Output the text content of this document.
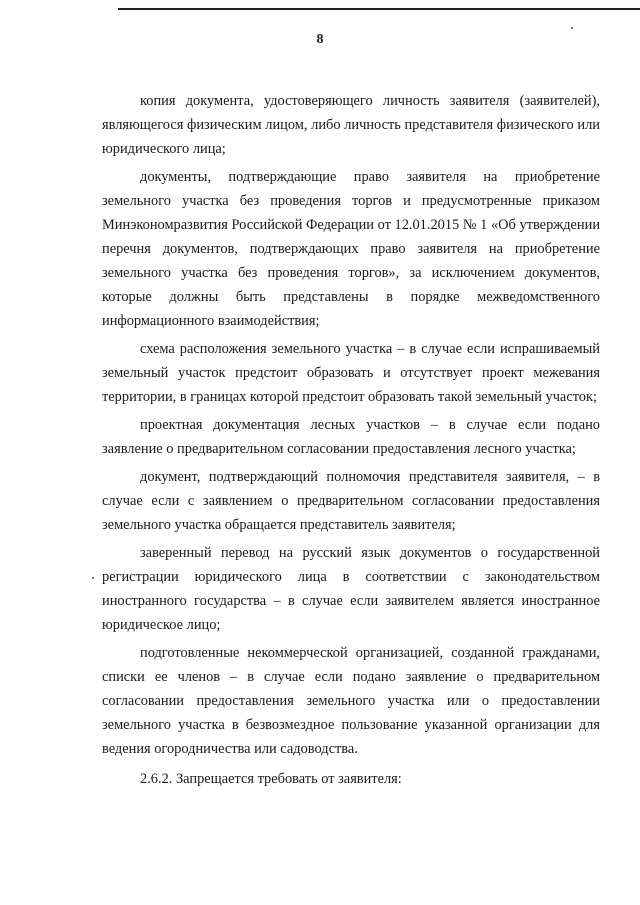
8

копия документа, удостоверяющего личность заявителя (заявителей), являющегося физическим лицом, либо личность представителя физического или юридического лица;

документы, подтверждающие право заявителя на приобретение земельного участка без проведения торгов и предусмотренные приказом Минэкономразвития Российской Федерации от 12.01.2015 № 1 «Об утверждении перечня документов, подтверждающих право заявителя на приобретение земельного участка без проведения торгов», за исключением документов, которые должны быть представлены в порядке межведомственного информационного взаимодействия;

схема расположения земельного участка – в случае если испрашиваемый земельный участок предстоит образовать и отсутствует проект межевания территории, в границах которой предстоит образовать такой земельный участок;

проектная документация лесных участков – в случае если подано заявление о предварительном согласовании предоставления лесного участка;

документ, подтверждающий полномочия представителя заявителя, – в случае если с заявлением о предварительном согласовании предоставления земельного участка обращается представитель заявителя;

заверенный перевод на русский язык документов о государственной регистрации юридического лица в соответствии с законодательством иностранного государства – в случае если заявителем является иностранное юридическое лицо;

подготовленные некоммерческой организацией, созданной гражданами, списки ее членов – в случае если подано заявление о предварительном согласовании предоставления земельного участка или о предоставлении земельного участка в безвозмездное пользование указанной организации для ведения огородничества или садоводства.

2.6.2. Запрещается требовать от заявителя:
